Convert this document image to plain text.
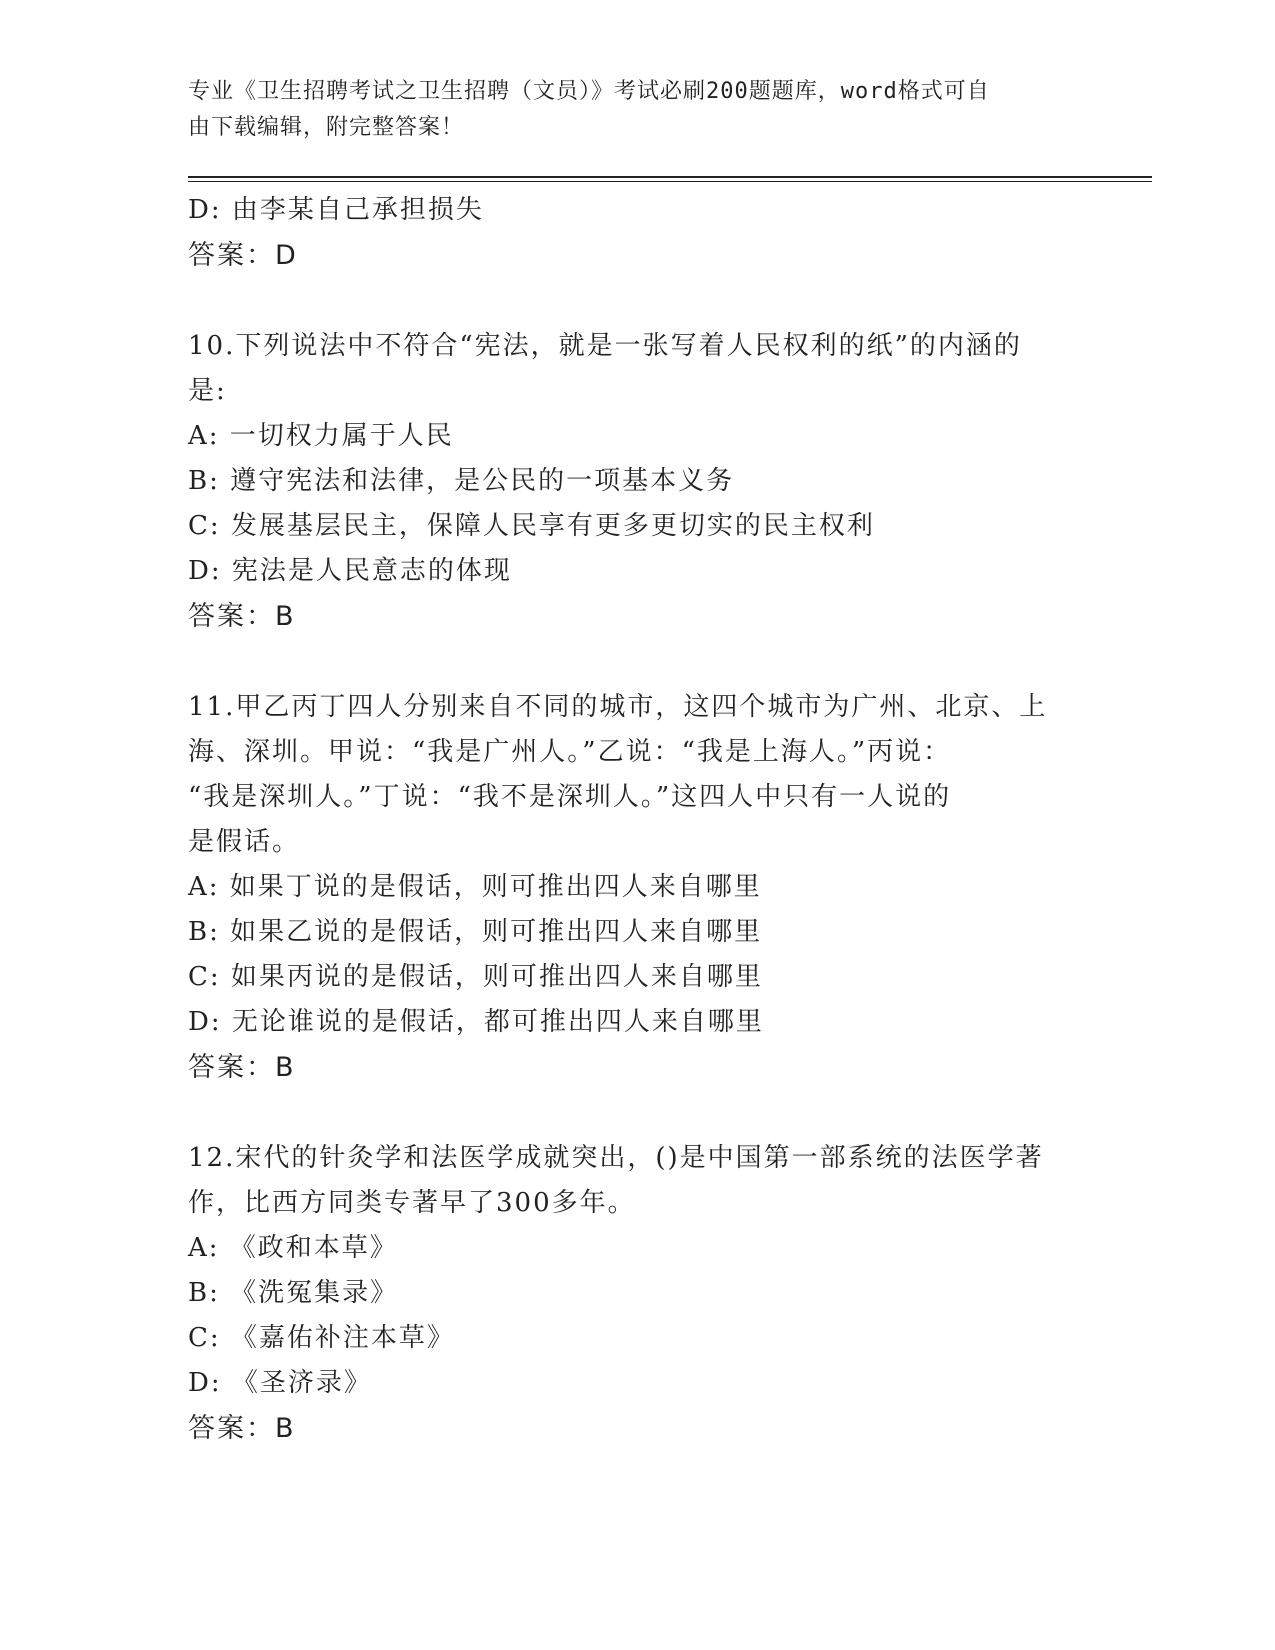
专业《卫生招聘考试之卫生招聘（文员）》考试必刷200题题库，word格式可自
由下载编辑，附完整答案！

D: 由李某自己承担损失

答案：D

10.下列说法中不符合“宪法，就是一张写着人民权利的纸”的内涵的

是:

A: 一切权力属于人民

B: 遵守宪法和法律，是公民的一项基本义务

C: 发展基层民主，保障人民享有更多更切实的民主权利

D: 宪法是人民意志的体现

答案：B

11.甲乙丙丁四人分别来自不同的城市，这四个城市为广州、北京、上

海、深圳。甲说：“我是广州人。”乙说：“我是上海人。”丙说：

“我是深圳人。”丁说：“我不是深圳人。”这四人中只有一人说的

是假话。

A: 如果丁说的是假话，则可推出四人来自哪里

B: 如果乙说的是假话，则可推出四人来自哪里

C: 如果丙说的是假话，则可推出四人来自哪里

D: 无论谁说的是假话，都可推出四人来自哪里

答案：B

12.宋代的针灸学和法医学成就突出，()是中国第一部系统的法医学著

作，比西方同类专著早了300多年。

A: 《政和本草》

B: 《洗冤集录》

C: 《嘉佑补注本草》

D: 《圣济录》

答案：B
